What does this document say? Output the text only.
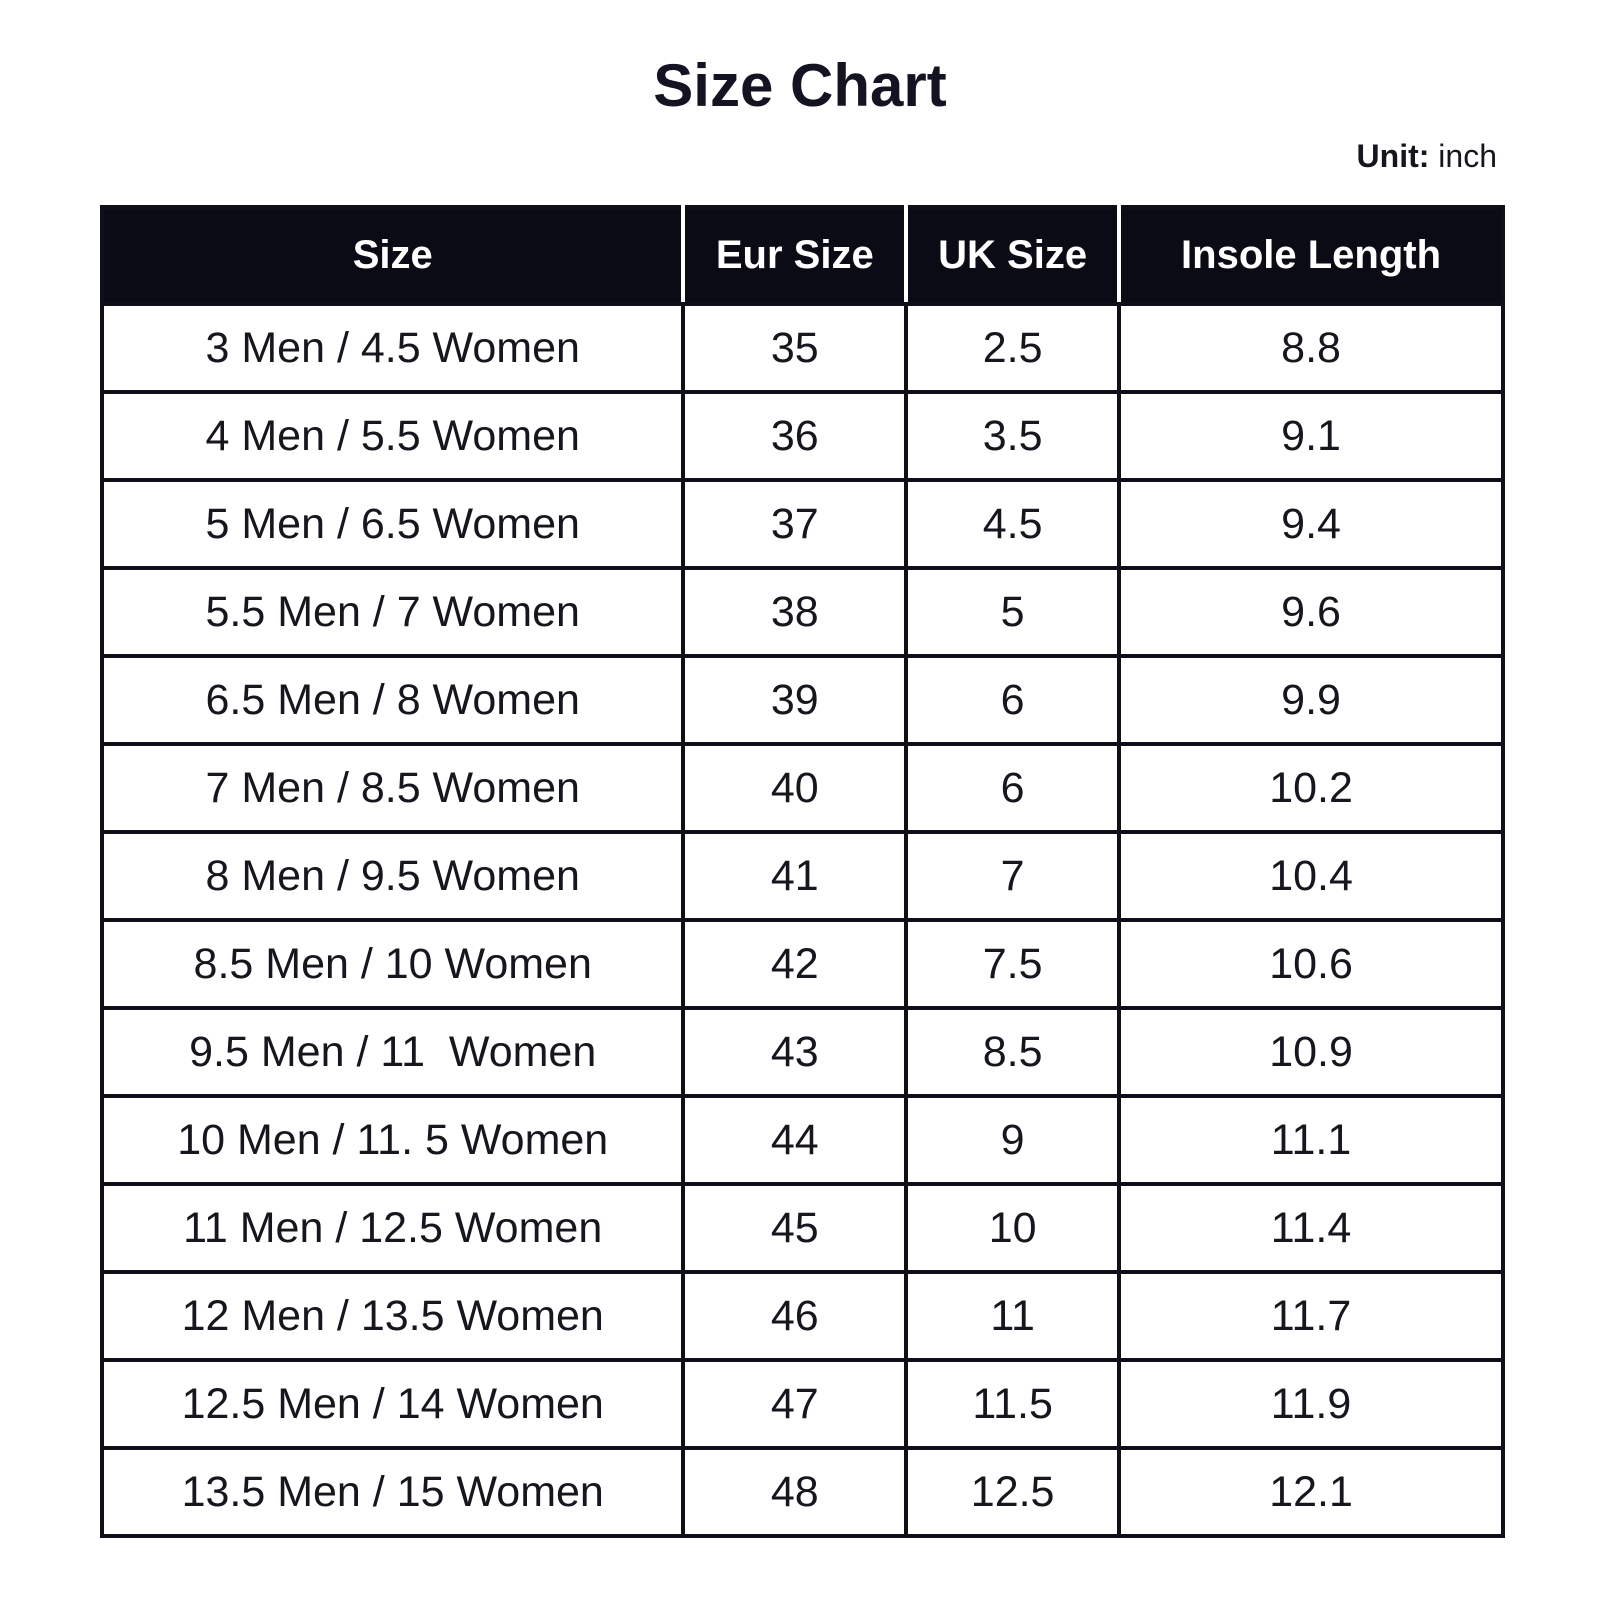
Size Chart
Unit: inch
Size	Eur Size	UK Size	Insole Length
3 Men / 4.5 Women	35	2.5	8.8
4 Men / 5.5 Women	36	3.5	9.1
5 Men / 6.5 Women	37	4.5	9.4
5.5 Men / 7 Women	38	5	9.6
6.5 Men / 8 Women	39	6	9.9
7 Men / 8.5 Women	40	6	10.2
8 Men / 9.5 Women	41	7	10.4
8.5 Men / 10 Women	42	7.5	10.6
9.5 Men / 11  Women	43	8.5	10.9
10 Men / 11. 5 Women	44	9	11.1
11 Men / 12.5 Women	45	10	11.4
12 Men / 13.5 Women	46	11	11.7
12.5 Men / 14 Women	47	11.5	11.9
13.5 Men / 15 Women	48	12.5	12.1
